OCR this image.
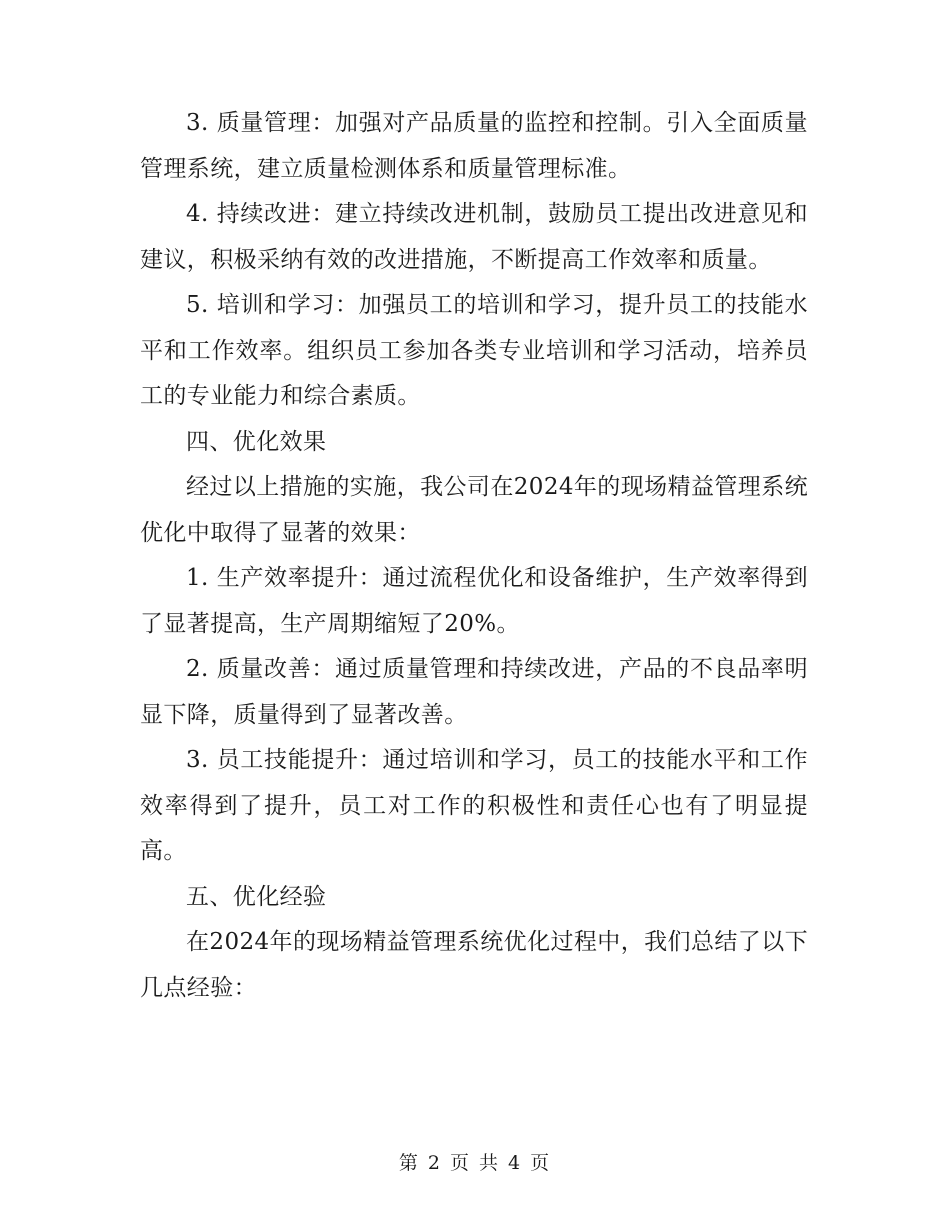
3. 质量管理：加强对产品质量的监控和控制。引入全面质量管理系统，建立质量检测体系和质量管理标准。

4. 持续改进：建立持续改进机制，鼓励员工提出改进意见和建议，积极采纳有效的改进措施，不断提高工作效率和质量。

5. 培训和学习：加强员工的培训和学习，提升员工的技能水平和工作效率。组织员工参加各类专业培训和学习活动，培养员工的专业能力和综合素质。

四、优化效果

经过以上措施的实施，我公司在2024年的现场精益管理系统优化中取得了显著的效果：

1. 生产效率提升：通过流程优化和设备维护，生产效率得到了显著提高，生产周期缩短了20%。

2. 质量改善：通过质量管理和持续改进，产品的不良品率明显下降，质量得到了显著改善。

3. 员工技能提升：通过培训和学习，员工的技能水平和工作效率得到了提升，员工对工作的积极性和责任心也有了明显提高。

五、优化经验

在2024年的现场精益管理系统优化过程中，我们总结了以下几点经验：

第 2 页 共 4 页
